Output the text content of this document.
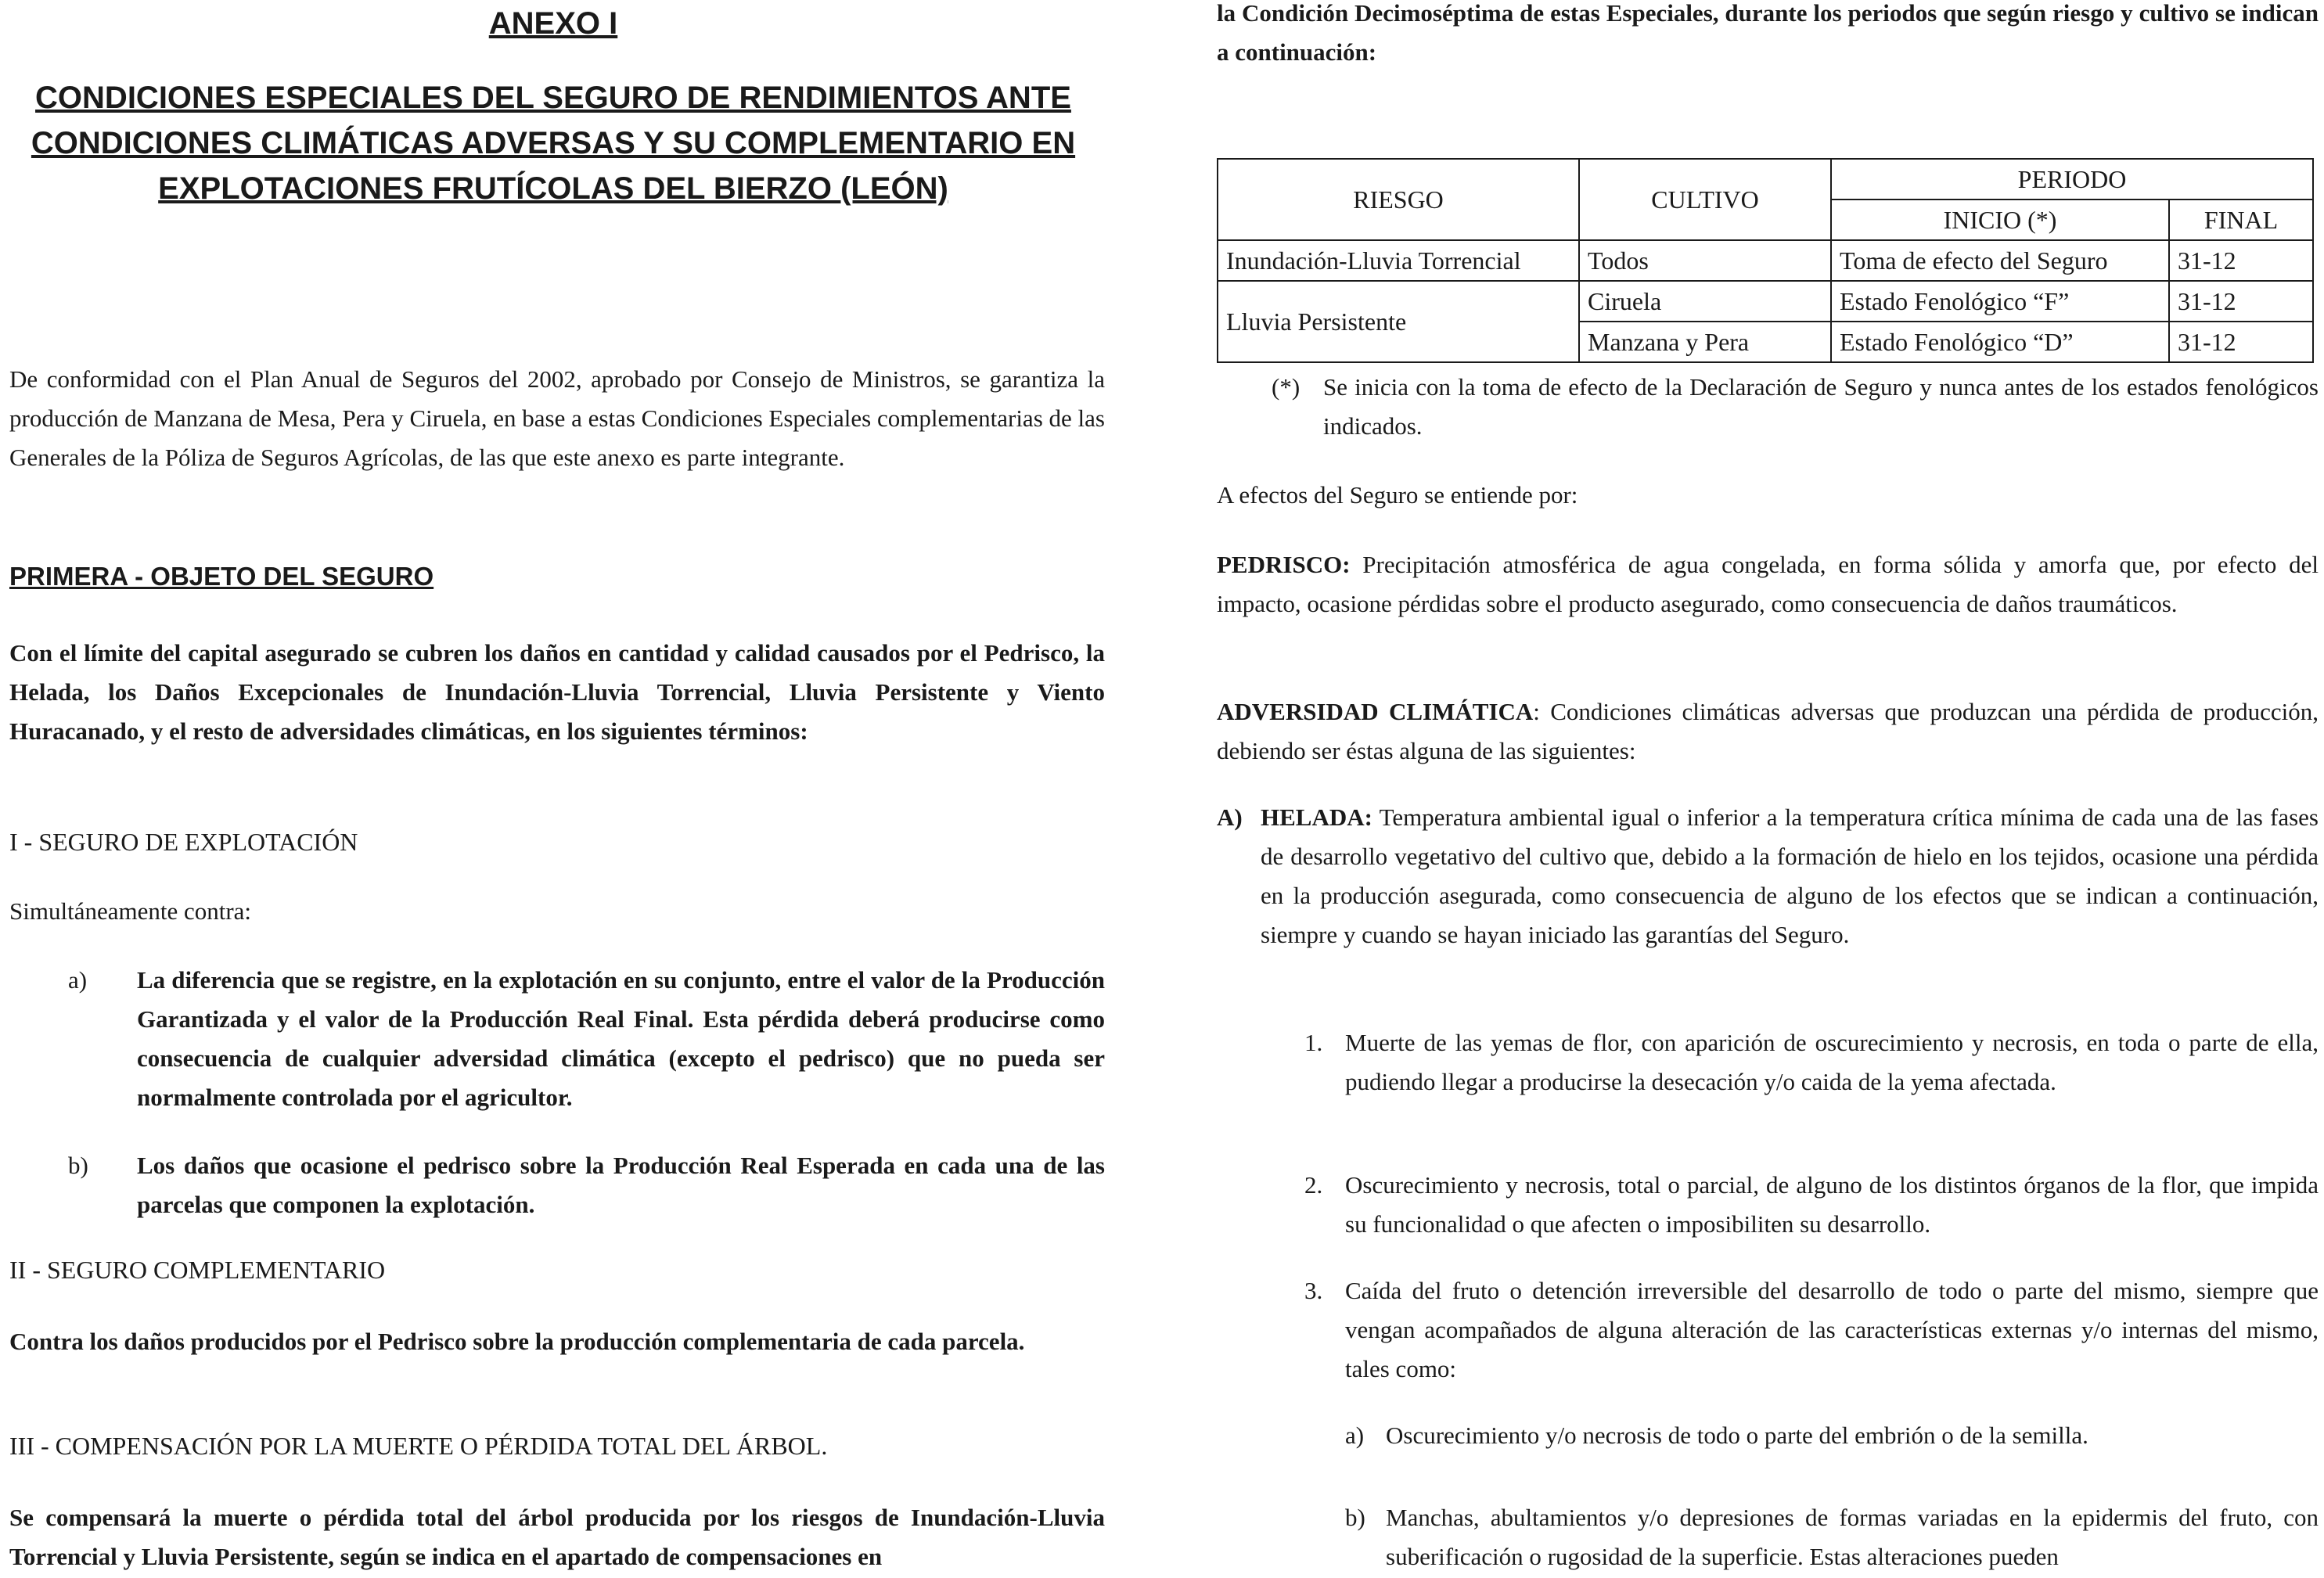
ANEXO I
CONDICIONES ESPECIALES DEL SEGURO DE RENDIMIENTOS ANTE CONDICIONES CLIMÁTICAS ADVERSAS Y SU COMPLEMENTARIO EN EXPLOTACIONES FRUTÍCOLAS DEL BIERZO (LEÓN)

De conformidad con el Plan Anual de Seguros del 2002, aprobado por Consejo de Ministros, se garantiza la producción de Manzana de Mesa, Pera y Ciruela, en base a estas Condiciones Especiales complementarias de las Generales de la Póliza de Seguros Agrícolas, de las que este anexo es parte integrante.

PRIMERA - OBJETO DEL SEGURO

Con el límite del capital asegurado se cubren los daños en cantidad y calidad causados por el Pedrisco, la Helada, los Daños Excepcionales de Inundación-Lluvia Torrencial, Lluvia Persistente y Viento Huracanado, y el resto de adversidades climáticas, en los siguientes términos:

I - SEGURO DE EXPLOTACIÓN

Simultáneamente contra:

a) La diferencia que se registre, en la explotación en su conjunto, entre el valor de la Producción Garantizada y el valor de la Producción Real Final. Esta pérdida deberá producirse como consecuencia de cualquier adversidad climática (excepto el pedrisco) que no pueda ser normalmente controlada por el agricultor.
b) Los daños que ocasione el pedrisco sobre la Producción Real Esperada en cada una de las parcelas que componen la explotación.

II - SEGURO COMPLEMENTARIO

Contra los daños producidos por el Pedrisco sobre la producción complementaria de cada parcela.

III - COMPENSACIÓN POR LA MUERTE O PÉRDIDA TOTAL DEL ÁRBOL.

Se compensará la muerte o pérdida total del árbol producida por los riesgos de Inundación-Lluvia Torrencial y Lluvia Persistente, según se indica en el apartado de compensaciones en

la Condición Decimoséptima de estas Especiales, durante los periodos que según riesgo y cultivo se indican a continuación:

RIESGO	CULTIVO	PERIODO	
		INICIO (*)	FINAL
Inundación-Lluvia Torrencial	Todos	Toma de efecto del Seguro	31-12
Lluvia Persistente	Ciruela	Estado Fenológico “F”	31-12
	Manzana y Pera	Estado Fenológico “D”	31-12
(*) Se inicia con la toma de efecto de la Declaración de Seguro y nunca antes de los estados fenológicos indicados.

A efectos del Seguro se entiende por:

PEDRISCO: Precipitación atmosférica de agua congelada, en forma sólida y amorfa que, por efecto del impacto, ocasione pérdidas sobre el producto asegurado, como consecuencia de daños traumáticos.

ADVERSIDAD CLIMÁTICA: Condiciones climáticas adversas que produzcan una pérdida de producción, debiendo ser éstas alguna de las siguientes:

A) HELADA: Temperatura ambiental igual o inferior a la temperatura crítica mínima de cada una de las fases de desarrollo vegetativo del cultivo que, debido a la formación de hielo en los tejidos, ocasione una pérdida en la producción asegurada, como consecuencia de alguno de los efectos que se indican a continuación, siempre y cuando se hayan iniciado las garantías del Seguro.
1. Muerte de las yemas de flor, con aparición de oscurecimiento y necrosis, en toda o parte de ella, pudiendo llegar a producirse la desecación y/o caida de la yema afectada.
2. Oscurecimiento y necrosis, total o parcial, de alguno de los distintos órganos de la flor, que impida su funcionalidad o que afecten o imposibiliten su desarrollo.
3. Caída del fruto o detención irreversible del desarrollo de todo o parte del mismo, siempre que vengan acompañados de alguna alteración de las características externas y/o internas del mismo, tales como:
a) Oscurecimiento y/o necrosis de todo o parte del embrión o de la semilla.
b) Manchas, abultamientos y/o depresiones de formas variadas en la epidermis del fruto, con suberificación o rugosidad de la superficie. Estas alteraciones pueden
